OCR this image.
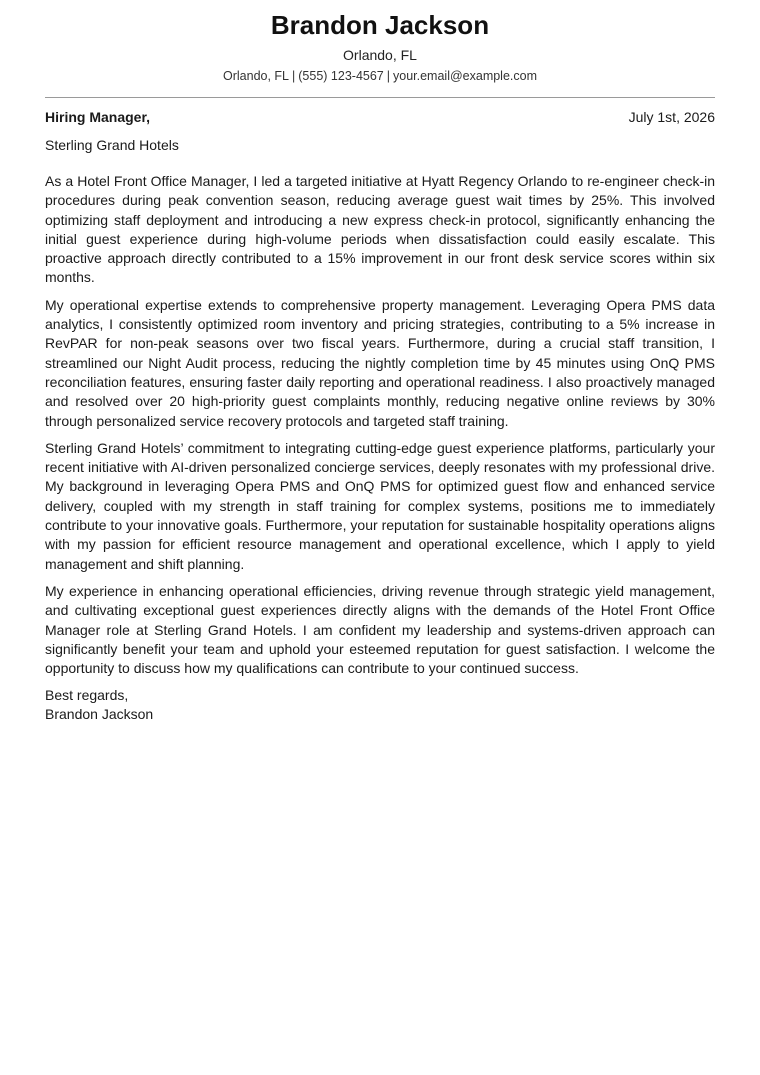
Brandon Jackson
Orlando, FL
Orlando, FL | (555) 123-4567 | your.email@example.com
Hiring Manager,	July 1st, 2026
Sterling Grand Hotels

As a Hotel Front Office Manager, I led a targeted initiative at Hyatt Regency Orlando to re-engineer check-in procedures during peak convention season, reducing average guest wait times by 25%. This involved optimizing staff deployment and introducing a new express check-in protocol, significantly enhancing the initial guest experience during high-volume periods when dissatisfaction could easily escalate. This proactive approach directly contributed to a 15% improvement in our front desk service scores within six months.

My operational expertise extends to comprehensive property management. Leveraging Opera PMS data analytics, I consistently optimized room inventory and pricing strategies, contributing to a 5% increase in RevPAR for non-peak seasons over two fiscal years. Furthermore, during a crucial staff transition, I streamlined our Night Audit process, reducing the nightly completion time by 45 minutes using OnQ PMS reconciliation features, ensuring faster daily reporting and operational readiness. I also proactively managed and resolved over 20 high-priority guest complaints monthly, reducing negative online reviews by 30% through personalized service recovery protocols and targeted staff training.

Sterling Grand Hotels’ commitment to integrating cutting-edge guest experience platforms, particularly your recent initiative with AI-driven personalized concierge services, deeply resonates with my professional drive. My background in leveraging Opera PMS and OnQ PMS for optimized guest flow and enhanced service delivery, coupled with my strength in staff training for complex systems, positions me to immediately contribute to your innovative goals. Furthermore, your reputation for sustainable hospitality operations aligns with my passion for efficient resource management and operational excellence, which I apply to yield management and shift planning.

My experience in enhancing operational efficiencies, driving revenue through strategic yield management, and cultivating exceptional guest experiences directly aligns with the demands of the Hotel Front Office Manager role at Sterling Grand Hotels. I am confident my leadership and systems-driven approach can significantly benefit your team and uphold your esteemed reputation for guest satisfaction. I welcome the opportunity to discuss how my qualifications can contribute to your continued success.

Best regards,
Brandon Jackson
